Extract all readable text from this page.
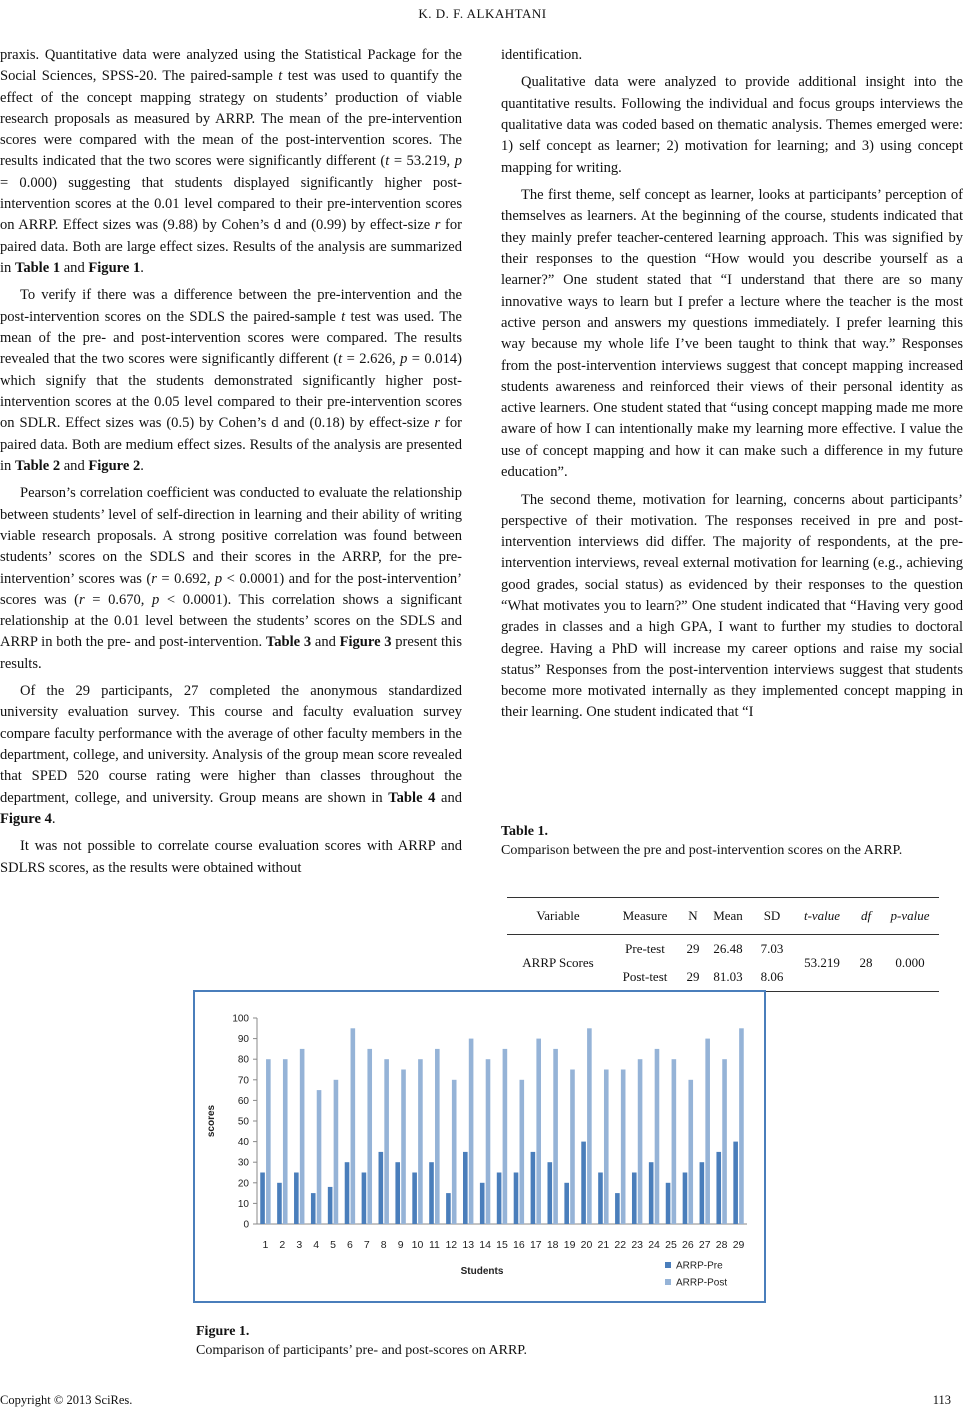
K. D. F. ALKAHTANI

praxis. Quantitative data were analyzed using the Statistical Package for the Social Sciences, SPSS-20. The paired-sample t test was used to quantify the effect of the concept mapping strategy on students’ production of viable research proposals as measured by ARRP. The mean of the pre-intervention scores were compared with the mean of the post-intervention scores. The results indicated that the two scores were significantly different (t = 53.219, p = 0.000) suggesting that students displayed significantly higher post-intervention scores at the 0.01 level compared to their pre-intervention scores on ARRP. Effect sizes was (9.88) by Cohen’s d and (0.99) by effect-size r for paired data. Both are large effect sizes. Results of the analysis are summarized in Table 1 and Figure 1.

To verify if there was a difference between the pre-intervention and the post-intervention scores on the SDLS the paired-sample t test was used. The mean of the pre- and post-intervention scores were compared. The results revealed that the two scores were significantly different (t = 2.626, p = 0.014) which signify that the students demonstrated significantly higher post-intervention scores at the 0.05 level compared to their pre-intervention scores on SDLR. Effect sizes was (0.5) by Cohen’s d and (0.18) by effect-size r for paired data. Both are medium effect sizes. Results of the analysis are presented in Table 2 and Figure 2.

Pearson’s correlation coefficient was conducted to evaluate the relationship between students’ level of self-direction in learning and their ability of writing viable research proposals. A strong positive correlation was found between students’ scores on the SDLS and their scores in the ARRP, for the pre-intervention’ scores was (r = 0.692, p < 0.0001) and for the post-intervention’ scores was (r = 0.670, p < 0.0001). This correlation shows a significant relationship at the 0.01 level between the students’ scores on the SDLS and ARRP in both the pre- and post-intervention. Table 3 and Figure 3 present this results.

Of the 29 participants, 27 completed the anonymous standardized university evaluation survey. This course and faculty evaluation survey compare faculty performance with the average of other faculty members in the department, college, and university. Analysis of the group mean score revealed that SPED 520 course rating were higher than classes throughout the department, college, and university. Group means are shown in Table 4 and Figure 4.

It was not possible to correlate course evaluation scores with ARRP and SDLRS scores, as the results were obtained without

identification.

Qualitative data were analyzed to provide additional insight into the quantitative results. Following the individual and focus groups interviews the qualitative data was coded based on thematic analysis. Themes emerged were: 1) self concept as learner; 2) motivation for learning; and 3) using concept mapping for writing.

The first theme, self concept as learner, looks at participants’ perception of themselves as learners. At the beginning of the course, students indicated that they mainly prefer teacher-centered learning approach. This was signified by their responses to the question “How would you describe yourself as a learner?” One student stated that “I understand that there are so many innovative ways to learn but I prefer a lecture where the teacher is the most active person and answers my questions immediately. I prefer learning this way because my whole life I’ve been taught to think that way.” Responses from the post-intervention interviews suggest that concept mapping increased students awareness and reinforced their views of their personal identity as active learners. One student stated that “using concept mapping made me more aware of how I can intentionally make my learning more effective. I value the use of concept mapping and how it can make such a difference in my future education”.

The second theme, motivation for learning, concerns about participants’ perspective of their motivation. The responses received in pre and post-intervention interviews did differ. The majority of respondents, at the pre-intervention interviews, reveal external motivation for learning (e.g., achieving good grades, social status) as evidenced by their responses to the question “What motivates you to learn?” One student indicated that “Having very good grades in classes and a high GPA, I want to further my studies to doctoral degree. Having a PhD will increase my career options and raise my social status” Responses from the post-intervention interviews suggest that students become more motivated internally as they implemented concept mapping in their learning. One student indicated that “I

Table 1.
Comparison between the pre and post-intervention scores on the ARRP.
Variable	Measure	N	Mean	SD	t-value	df	p-value
ARRP Scores	Pre-test	29	26.48	7.03	53.219	28	0.000
	Post-test	29	81.03	8.06			
0
10
20
30
40
50
60
70
80
90
100
1 2 3 4 5 6 7 8 9 10 11 12 13 14 15 16 17 18 19 20 21 22 23 24 25 26 27 28 29
scores
Students	ARRP-Pre
ARRP-Post
Figure 1.
Comparison of participants’ pre- and post-scores on ARRP.
Copyright © 2013 SciRes.	113
